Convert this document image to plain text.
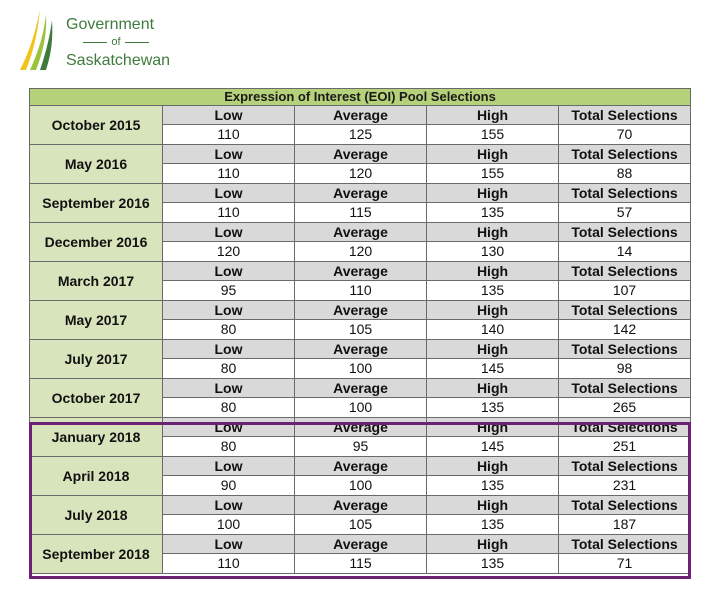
Government
of
Saskatchewan
Expression of Interest (EOI) Pool Selections				
October 2015	Low	Average	High	Total Selections
	110	125	155	70
May 2016	Low	Average	High	Total Selections
	110	120	155	88
September 2016	Low	Average	High	Total Selections
	110	115	135	57
December 2016	Low	Average	High	Total Selections
	120	120	130	14
March 2017	Low	Average	High	Total Selections
	95	110	135	107
May 2017	Low	Average	High	Total Selections
	80	105	140	142
July 2017	Low	Average	High	Total Selections
	80	100	145	98
October 2017	Low	Average	High	Total Selections
	80	100	135	265
January 2018	Low	Average	High	Total Selections
	80	95	145	251
April 2018	Low	Average	High	Total Selections
	90	100	135	231
July 2018	Low	Average	High	Total Selections
	100	105	135	187
September 2018	Low	Average	High	Total Selections
	110	115	135	71
